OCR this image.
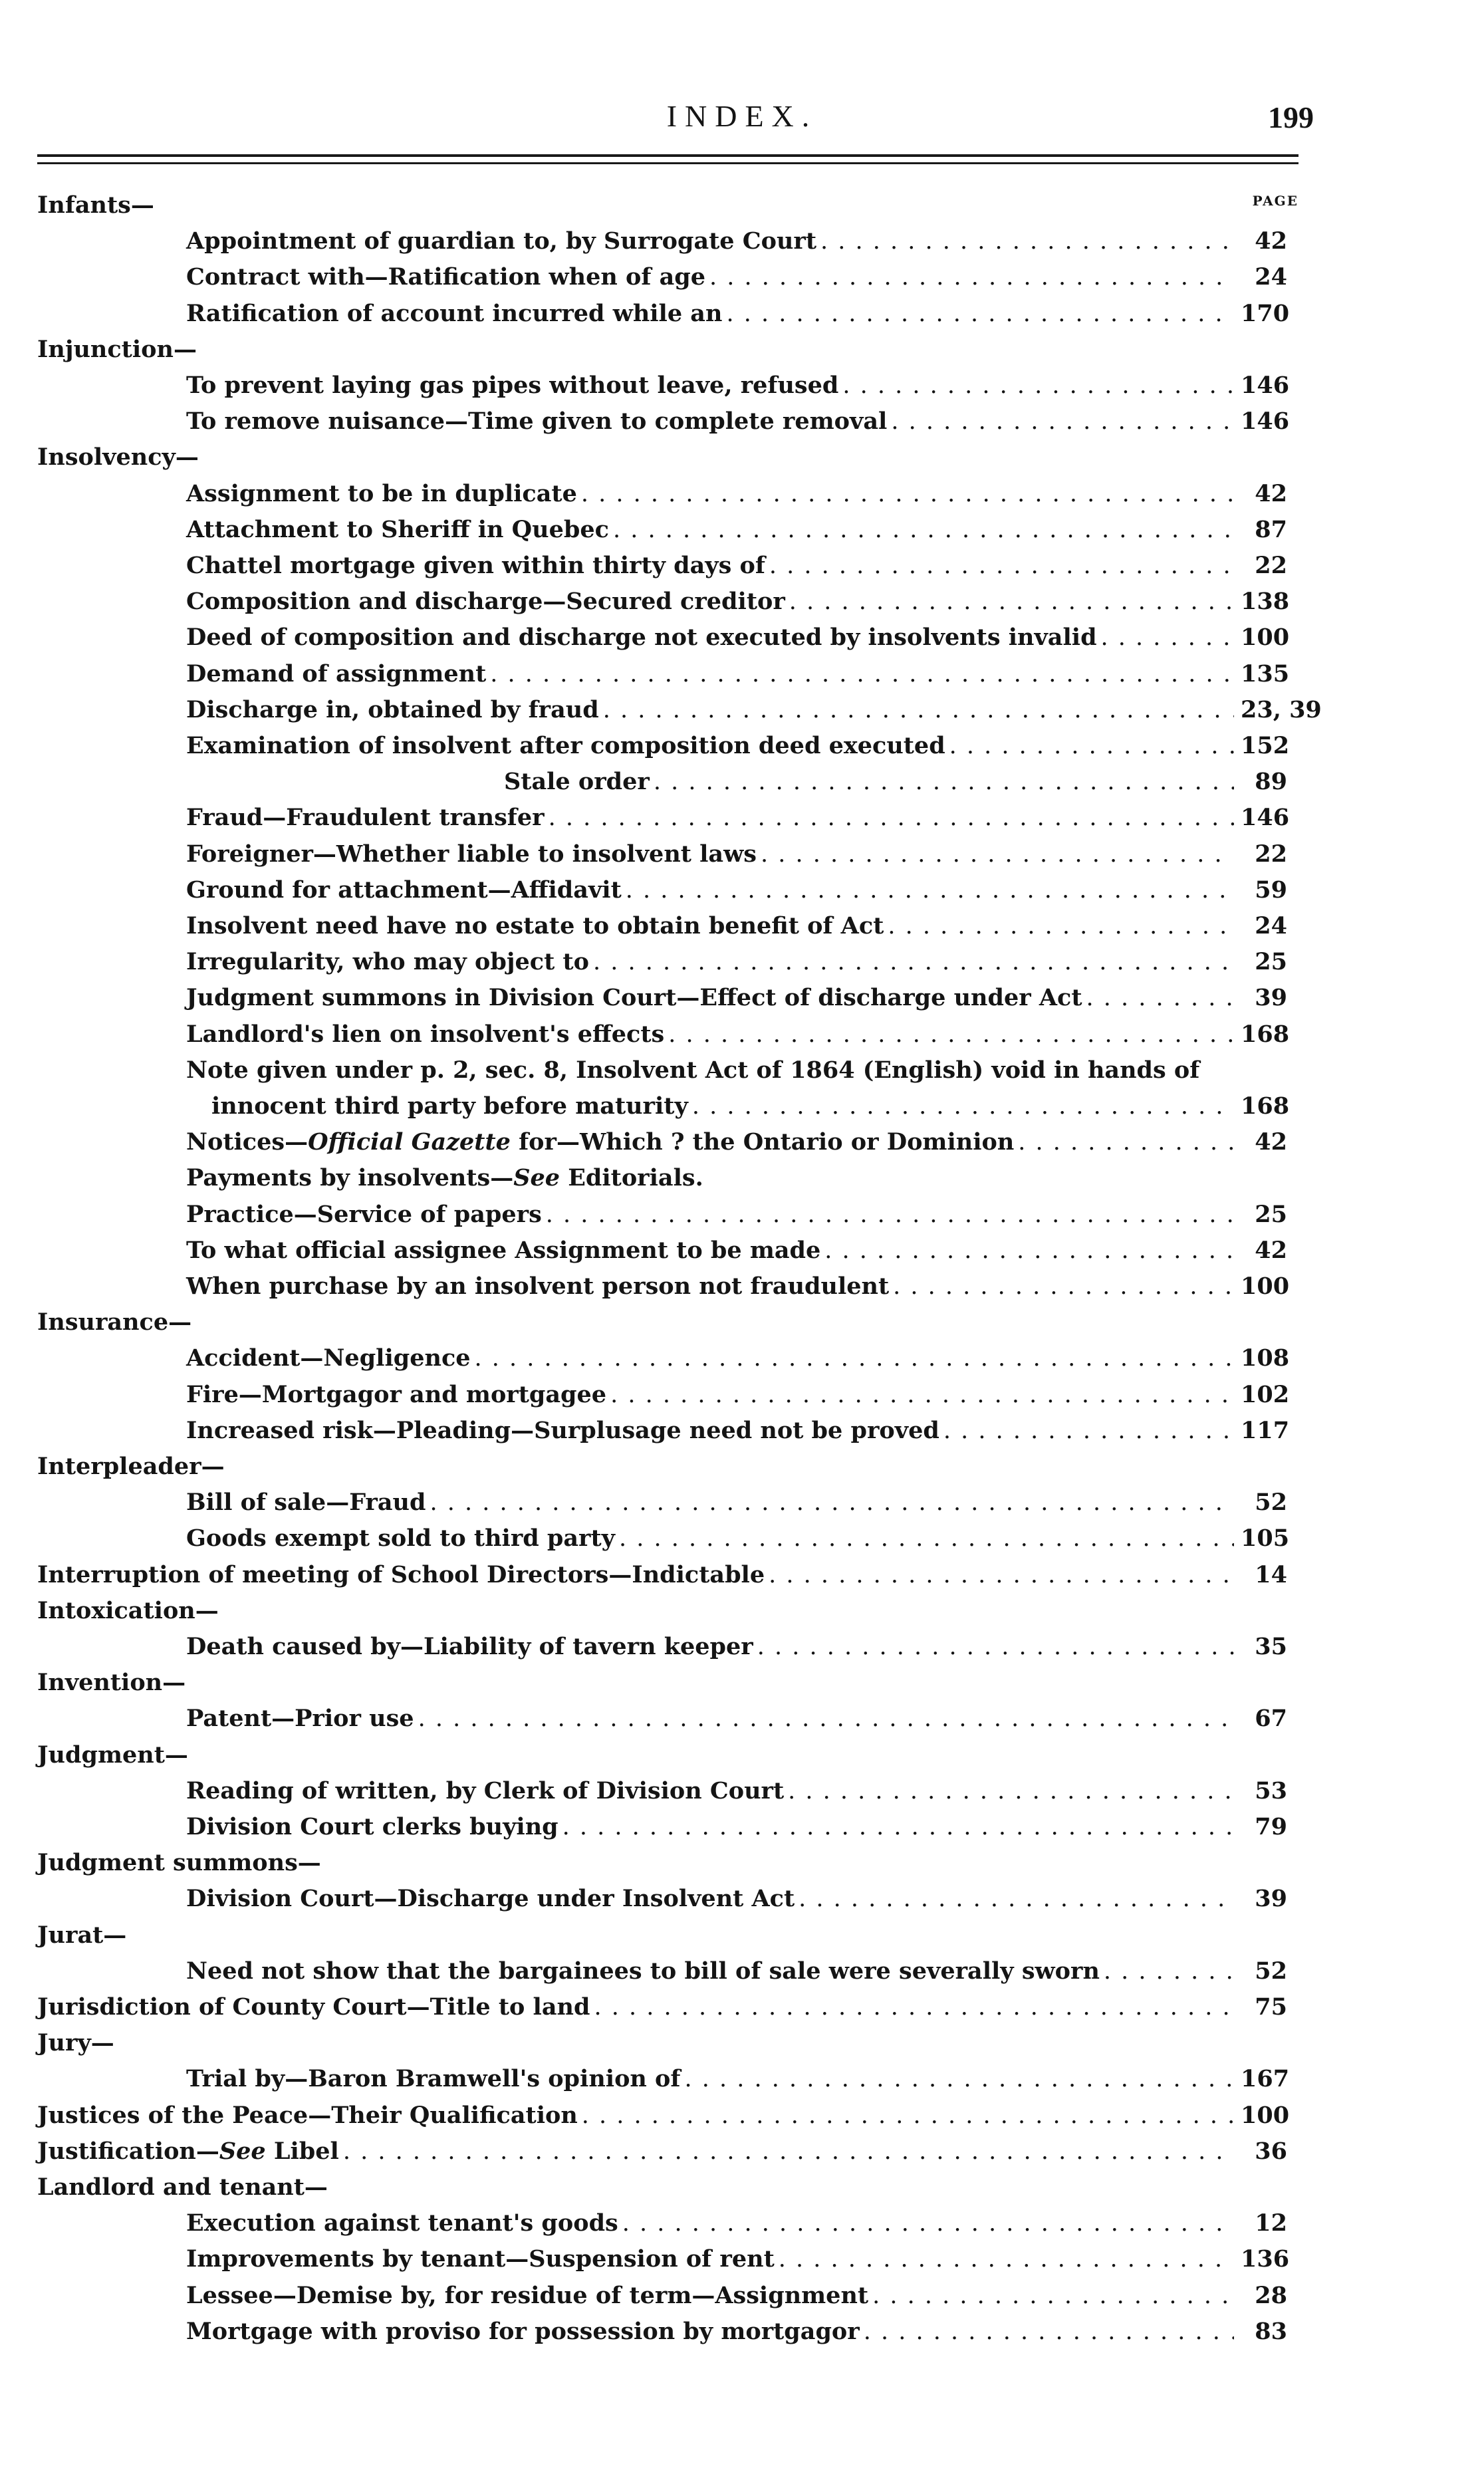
INDEX.	199
PAGE
Infants—
Appointment of guardian to, by Surrogate Court . . .	42
Contract with—Ratification when of age . . .	24
Ratification of account incurred while an . . .	170
Injunction—
To prevent laying gas pipes without leave, refused . . .	146
To remove nuisance—Time given to complete removal . . .	146
Insolvency—
Assignment to be in duplicate . . .	42
Attachment to Sheriff in Quebec . . .	87
Chattel mortgage given within thirty days of . . .	22
Composition and discharge—Secured creditor . . .	138
Deed of composition and discharge not executed by insolvents invalid . . .	100
Demand of assignment . . .	135
Discharge in, obtained by fraud . . .	23, 39
Examination of insolvent after composition deed executed . . .	152
Stale order . . .	89
Fraud—Fraudulent transfer . . .	146
Foreigner—Whether liable to insolvent laws . . .	22
Ground for attachment—Affidavit . . .	59
Insolvent need have no estate to obtain benefit of Act . . .	24
Irregularity, who may object to . . .	25
Judgment summons in Division Court—Effect of discharge under Act . . .	39
Landlord's lien on insolvent's effects . . .	168
Note given under p. 2, sec. 8, Insolvent Act of 1864 (English) void in hands of
innocent third party before maturity . . .	168
Notices—Official Gazette for—Which ? the Ontario or Dominion . . .	42
Payments by insolvents—See Editorials.
Practice—Service of papers . . .	25
To what official assignee Assignment to be made . . .	42
When purchase by an insolvent person not fraudulent . . .	100
Insurance—
Accident—Negligence . . .	108
Fire—Mortgagor and mortgagee . . .	102
Increased risk—Pleading—Surplusage need not be proved . . .	117
Interpleader—
Bill of sale—Fraud . . .	52
Goods exempt sold to third party . . .	105
Interruption of meeting of School Directors—Indictable . . .	14
Intoxication—
Death caused by—Liability of tavern keeper . . .	35
Invention—
Patent—Prior use . . .	67
Judgment—
Reading of written, by Clerk of Division Court . . .	53
Division Court clerks buying . . .	79
Judgment summons—
Division Court—Discharge under Insolvent Act . . .	39
Jurat—
Need not show that the bargainees to bill of sale were severally sworn . . .	52
Jurisdiction of County Court—Title to land . . .	75
Jury—
Trial by—Baron Bramwell's opinion of . . .	167
Justices of the Peace—Their Qualification . . .	100
Justification—See Libel . . .	36
Landlord and tenant—
Execution against tenant's goods . . .	12
Improvements by tenant—Suspension of rent . . .	136
Lessee—Demise by, for residue of term—Assignment . . .	28
Mortgage with proviso for possession by mortgagor . . .	83
